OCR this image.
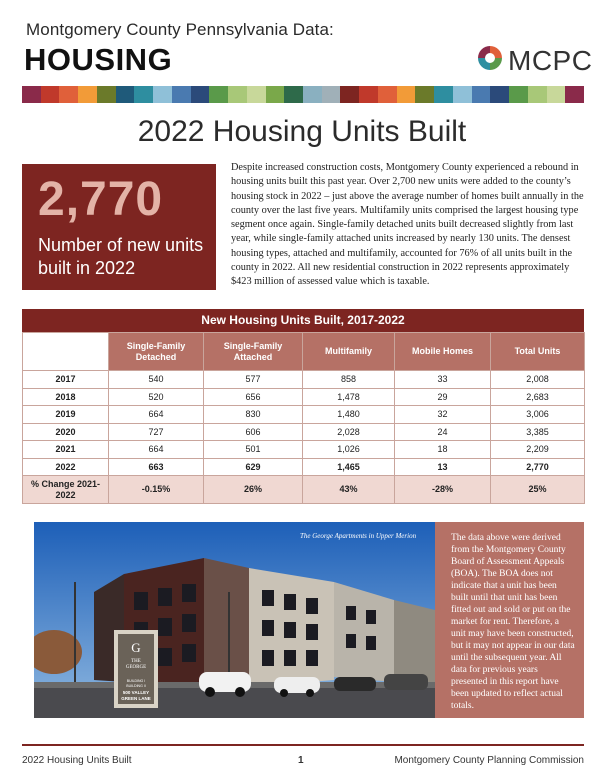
Montgomery County Pennsylvania Data:
HOUSING	MCPC
2022 Housing Units Built
2,770
Number of new units built in 2022

Despite increased construction costs, Montgomery County experienced a rebound in housing units built this past year. Over 2,700 new units were added to the county’s housing stock in 2022 – just above the average number of homes built annually in the county over the last five years. Multifamily units comprised the largest housing type segment once again. Single-family detached units built decreased slightly from last year, while single-family attached units increased by nearly 130 units. The densest housing types, attached and multifamily, accounted for 76% of all units built in the county in 2022. All new residential construction in 2022 represents approximately $423 million of assessed value which is taxable.

New Housing Units Built, 2017-2022
	Single-Family Detached	Single-Family Attached	Multifamily	Mobile Homes	Total Units
2017	540	577	858	33	2,008
2018	520	656	1,478	29	2,683
2019	664	830	1,480	32	3,006
2020	727	606	2,028	24	3,385
2021	664	501	1,026	18	2,209
2022	663	629	1,465	13	2,770
% Change 2021-2022	-0.15%	26%	43%	-28%	25%
G
THE
GEORGE
BUILDING I
BUILDING II
500 VALLEY
GREEN LANE
The George Apartments in Upper Merion	The data above were derived from the Montgomery County Board of Assessment Appeals (BOA). The BOA does not indicate that a unit has been built until that unit has been fitted out and sold or put on the market for rent. Therefore, a unit may have been constructed, but it may not appear in our data until the subsequent year. All data for previous years presented in this report have been updated to reflect actual totals.
2022 Housing Units Built	1	Montgomery County Planning Commission
